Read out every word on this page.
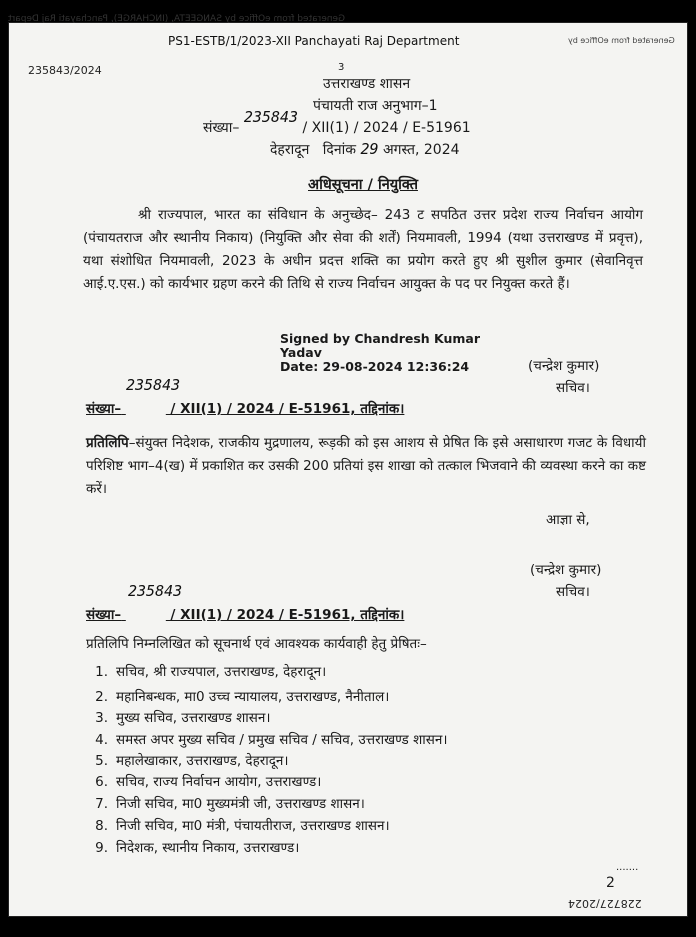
Generated from eOffice by SANGEETA, (INCHARGE), Panchayati Raj Depart
PS1-ESTB/1/2023-XII Panchayati Raj Department	Generated from eOffice by
235843/2024	3
उत्तराखण्ड शासन
पंचायती राज अनुभाग–1
संख्या– 235843 / XII(1) / 2024 / E-51961
देहरादून दिनांक 29 अगस्त, 2024
अधिसूचना / नियुक्ति
श्री राज्यपाल, भारत का संविधान के अनुच्छेद– 243 ट सपठित उत्तर प्रदेश राज्य निर्वाचन आयोग (पंचायतराज और स्थानीय निकाय) (नियुक्ति और सेवा की शर्तें) नियमावली, 1994 (यथा उत्तराखण्ड में प्रवृत्त), यथा संशोधित नियमावली, 2023 के अधीन प्रदत्त शक्ति का प्रयोग करते हुए श्री सुशील कुमार (सेवानिवृत्त आई.ए.एस.) को कार्यभार ग्रहण करने की तिथि से राज्य निर्वाचन आयुक्त के पद पर नियुक्त करते हैं।
Signed by Chandresh Kumar
Yadav
Date: 29-08-2024 12:36:24	(चन्द्रेश कुमार)
सचिव।
235843
संख्या–	/ XII(1) / 2024 / E-51961, तद्दिनांक।
प्रतिलिपि–संयुक्त निदेशक, राजकीय मुद्रणालय, रूड़की को इस आशय से प्रेषित कि इसे असाधारण गजट के विधायी परिशिष्ट भाग–4(ख) में प्रकाशित कर उसकी 200 प्रतियां इस शाखा को तत्काल भिजवाने की व्यवस्था करने का कष्ट करें।
आज्ञा से,
(चन्द्रेश कुमार)
सचिव।
235843
संख्या–	/ XII(1) / 2024 / E-51961, तद्दिनांक।
प्रतिलिपि निम्नलिखित को सूचनार्थ एवं आवश्यक कार्यवाही हेतु प्रेषितः–
1. सचिव, श्री राज्यपाल, उत्तराखण्ड, देहरादून।
2. महानिबन्धक, मा0 उच्च न्यायालय, उत्तराखण्ड, नैनीताल।
3. मुख्य सचिव, उत्तराखण्ड शासन।
4. समस्त अपर मुख्य सचिव / प्रमुख सचिव / सचिव, उत्तराखण्ड शासन।
5. महालेखाकार, उत्तराखण्ड, देहरादून।
6. सचिव, राज्य निर्वाचन आयोग, उत्तराखण्ड।
7. निजी सचिव, मा0 मुख्यमंत्री जी, उत्तराखण्ड शासन।
8. निजी सचिव, मा0 मंत्री, पंचायतीराज, उत्तराखण्ड शासन।
9. निदेशक, स्थानीय निकाय, उत्तराखण्ड।
.......
2
228727/2024
